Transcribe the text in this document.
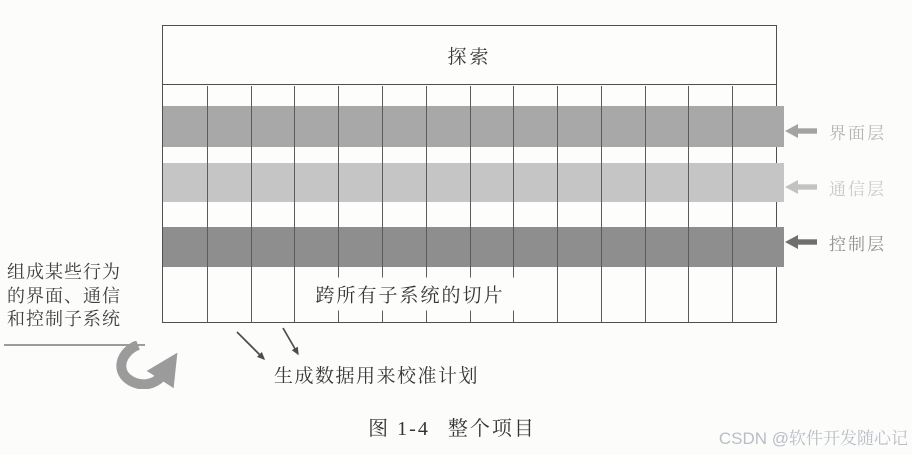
组成某些行为
的界面、通信
和控制子系统
探索
跨所有子系统的切片
界面层
通信层
控制层
生成数据用来校准计划
图 1-4 整个项目	CSDN @软件开发随心记
